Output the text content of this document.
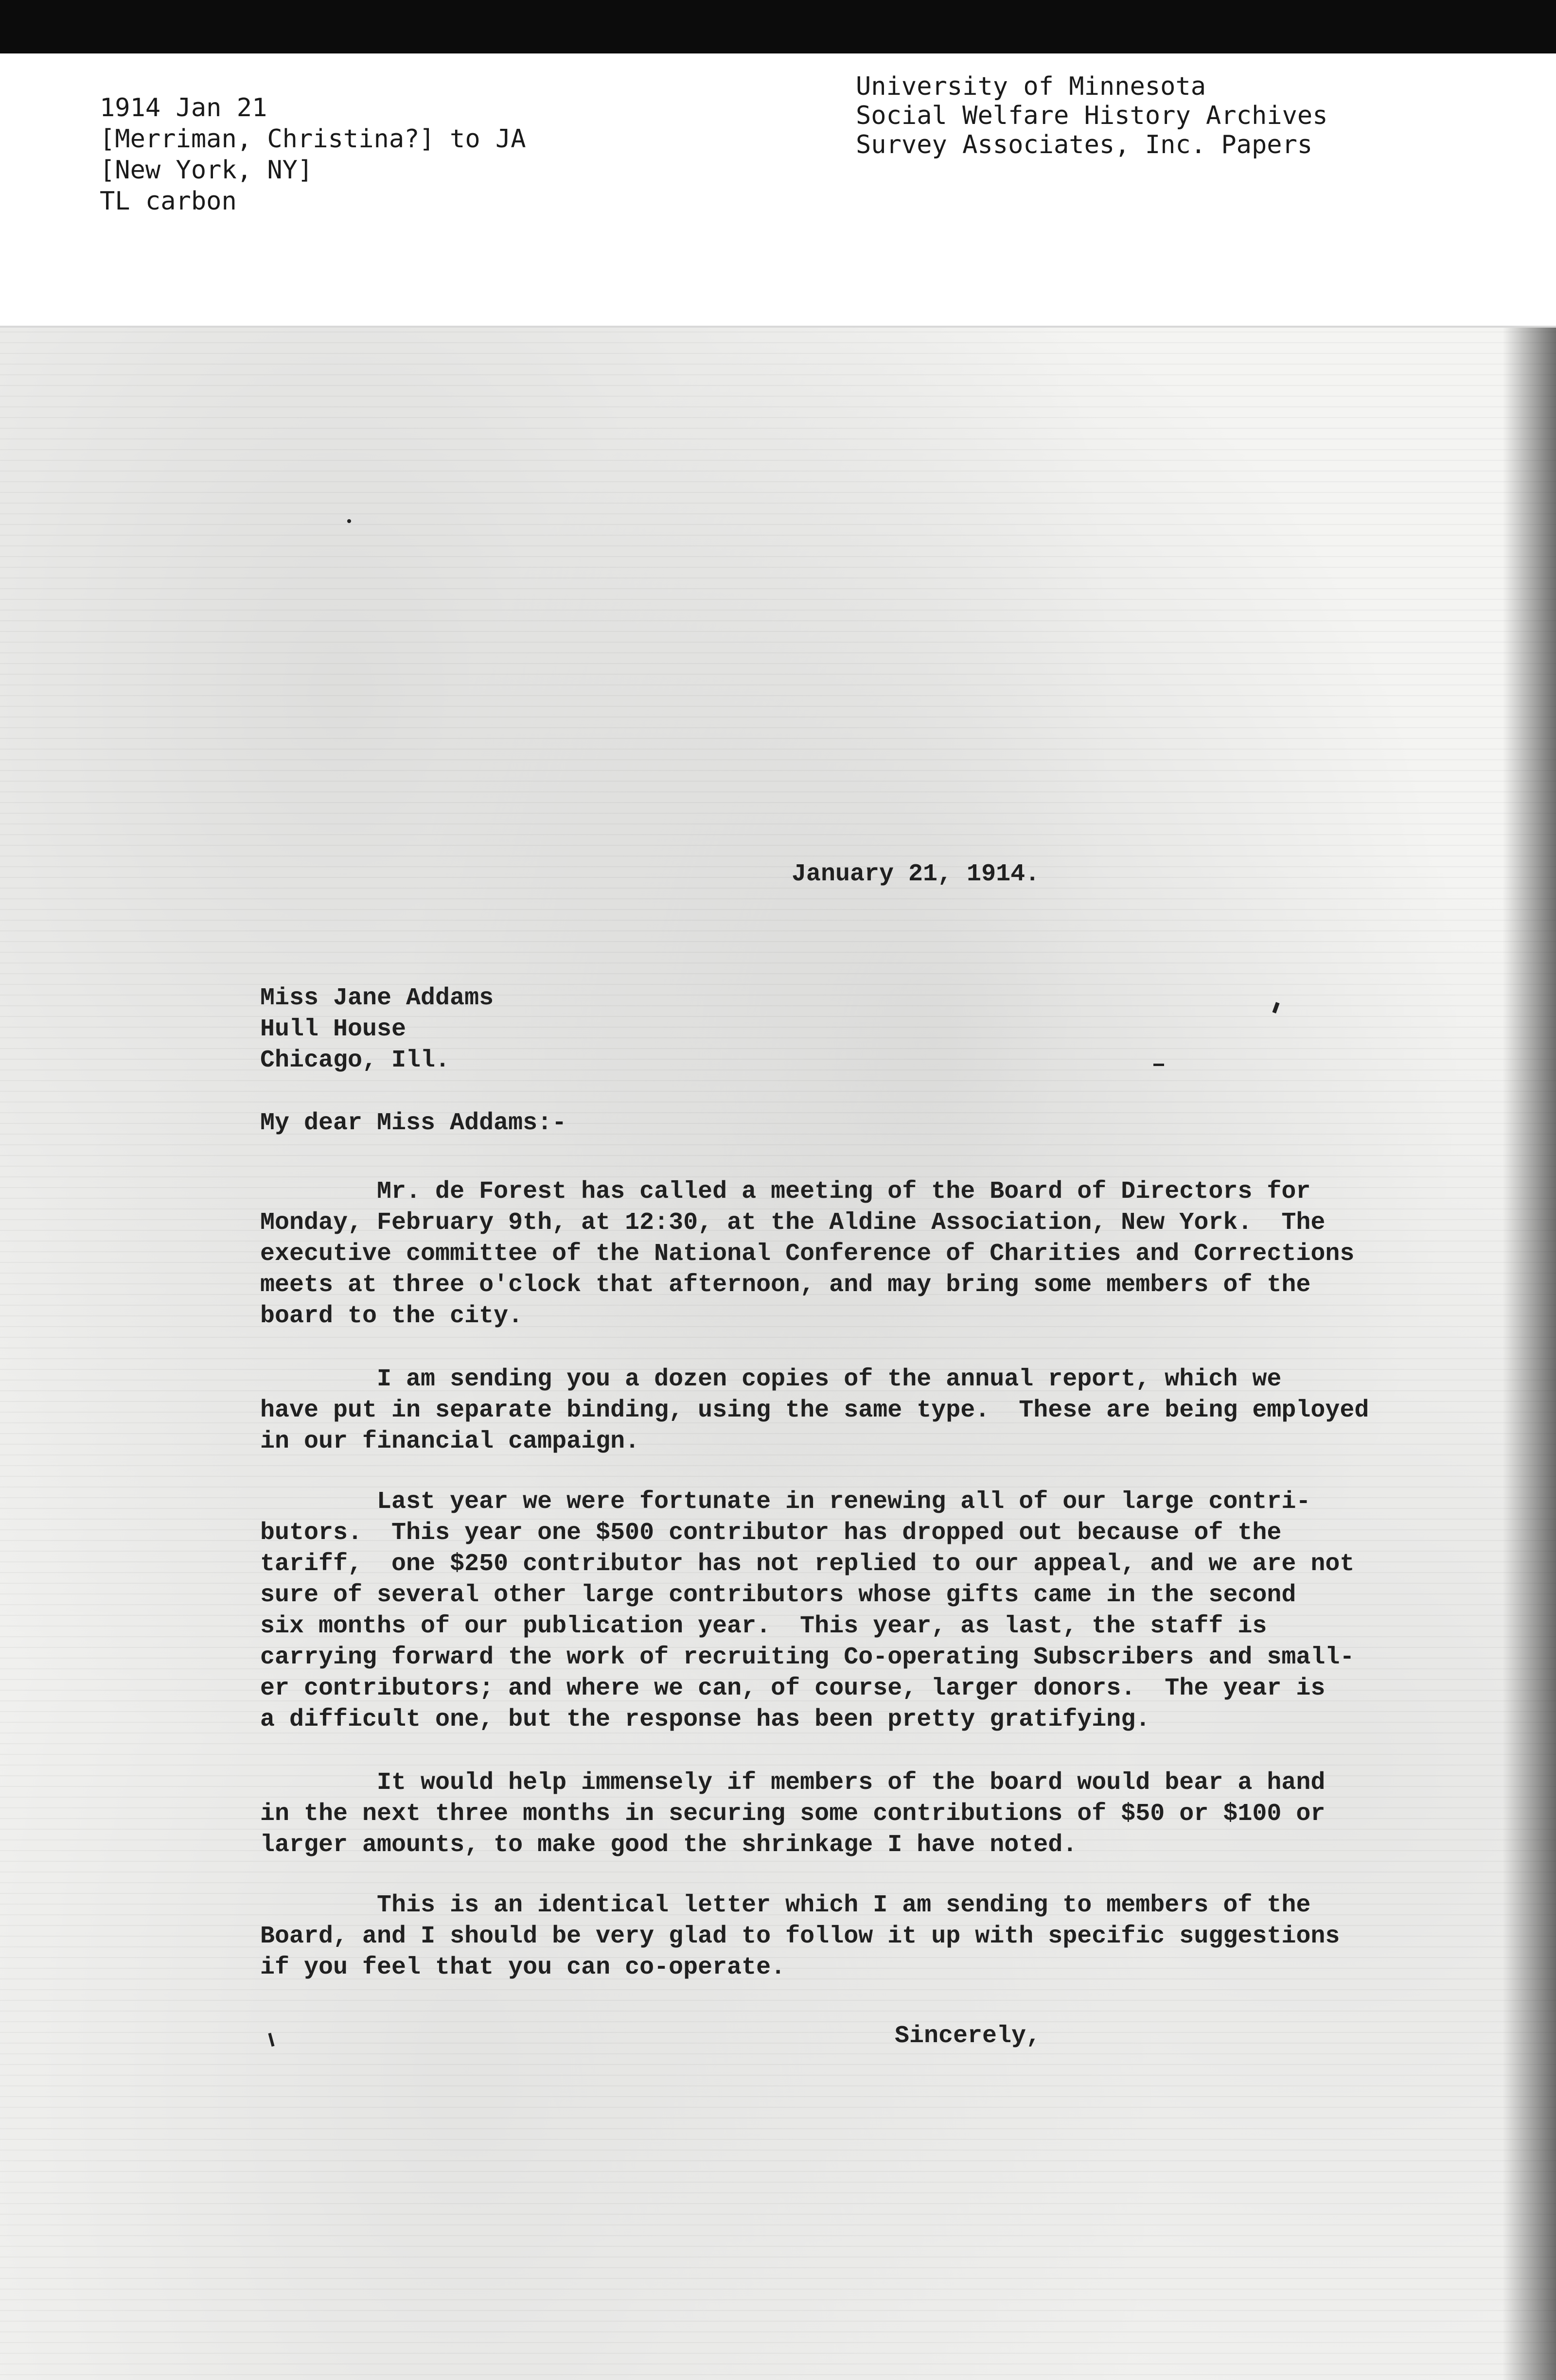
1914 Jan 21
[Merriman, Christina?] to JA
[New York, NY]
TL carbon
University of Minnesota
Social Welfare History Archives
Survey Associates, Inc. Papers
January 21, 1914.
Miss Jane Addams
Hull House
Chicago, Ill.
My dear Miss Addams:-
Mr. de Forest has called a meeting of the Board of Directors for
Monday, February 9th, at 12:30, at the Aldine Association, New York.  The
executive committee of the National Conference of Charities and Corrections
meets at three o'clock that afternoon, and may bring some members of the
board to the city.
I am sending you a dozen copies of the annual report, which we
have put in separate binding, using the same type.  These are being employed
in our financial campaign.
Last year we were fortunate in renewing all of our large contri-
butors.  This year one $500 contributor has dropped out because of the
tariff,  one $250 contributor has not replied to our appeal, and we are not
sure of several other large contributors whose gifts came in the second
six months of our publication year.  This year, as last, the staff is
carrying forward the work of recruiting Co-operating Subscribers and small-
er contributors; and where we can, of course, larger donors.  The year is
a difficult one, but the response has been pretty gratifying.
It would help immensely if members of the board would bear a hand
in the next three months in securing some contributions of $50 or $100 or
larger amounts, to make good the shrinkage I have noted.
This is an identical letter which I am sending to members of the
Board, and I should be very glad to follow it up with specific suggestions
if you feel that you can co-operate.
Sincerely,
